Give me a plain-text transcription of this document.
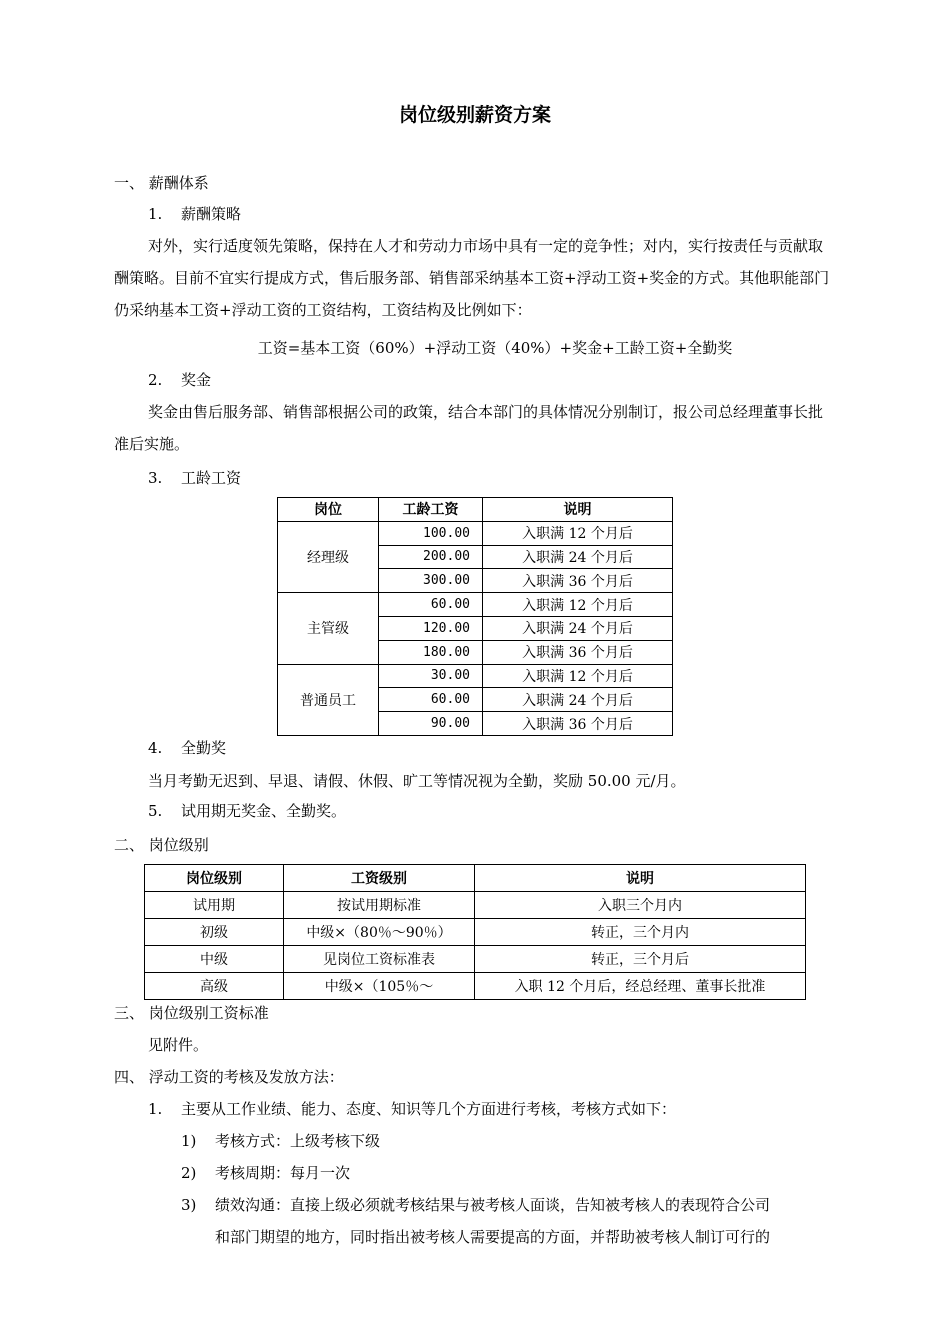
岗位级别薪资方案
一、 薪酬体系
1. 薪酬策略
对外，实行适度领先策略，保持在人才和劳动力市场中具有一定的竞争性；对内，实行按责任与贡献取酬策略。目前不宜实行提成方式，售后服务部、销售部采纳基本工资+浮动工资+奖金的方式。其他职能部门仍采纳基本工资+浮动工资的工资结构，工资结构及比例如下：
工资=基本工资（60%）+浮动工资（40%）+奖金+工龄工资+全勤奖
2. 奖金
奖金由售后服务部、销售部根据公司的政策，结合本部门的具体情况分别制订，报公司总经理董事长批准后实施。
3. 工龄工资
岗位	工龄工资	说明
经理级	100.00	入职满 12 个月后
	200.00	入职满 24 个月后
	300.00	入职满 36 个月后
主管级	60.00	入职满 12 个月后
	120.00	入职满 24 个月后
	180.00	入职满 36 个月后
普通员工	30.00	入职满 12 个月后
	60.00	入职满 24 个月后
	90.00	入职满 36 个月后
4. 全勤奖
当月考勤无迟到、早退、请假、休假、旷工等情况视为全勤，奖励 50.00 元/月。
5. 试用期无奖金、全勤奖。
二、 岗位级别
岗位级别	工资级别	说明
试用期	按试用期标准	入职三个月内
初级	中级×（80％～90％）	转正，三个月内
中级	见岗位工资标准表	转正，三个月后
高级	中级×（105％～	入职 12 个月后，经总经理、董事长批准
三、 岗位级别工资标准
见附件。
四、 浮动工资的考核及发放方法：
1. 主要从工作业绩、能力、态度、知识等几个方面进行考核，考核方式如下：
1) 考核方式：上级考核下级
2) 考核周期：每月一次
3) 绩效沟通：直接上级必须就考核结果与被考核人面谈，告知被考核人的表现符合公司
和部门期望的地方，同时指出被考核人需要提高的方面，并帮助被考核人制订可行的
